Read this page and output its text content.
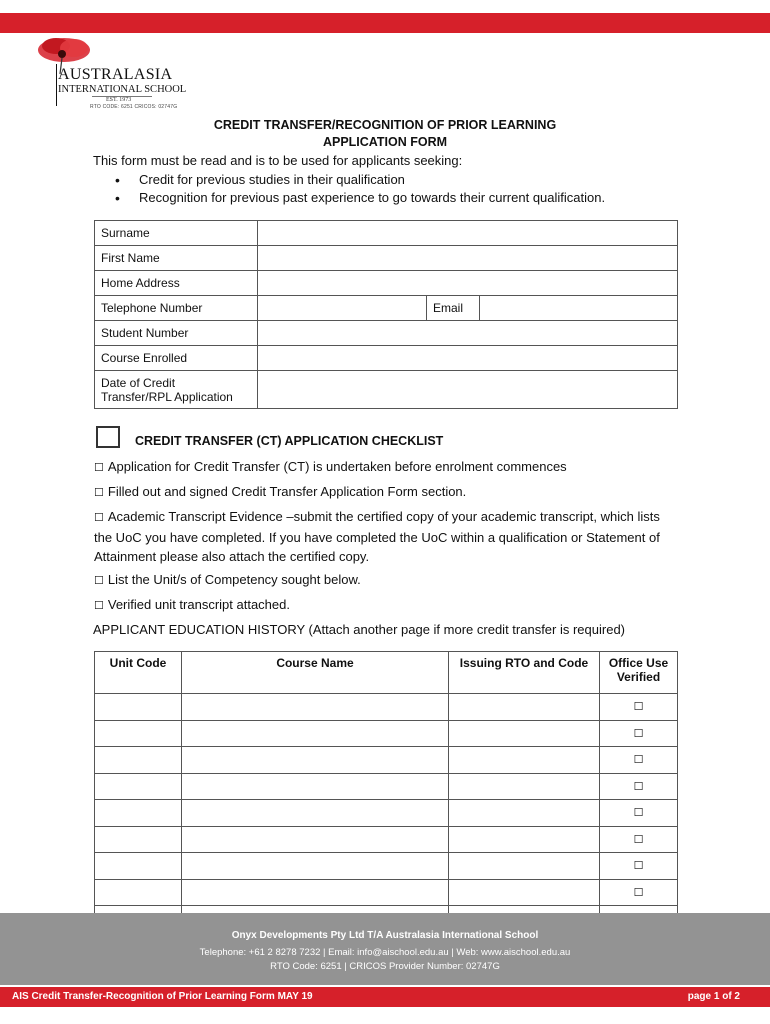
AUSTRALASIA
INTERNATIONAL SCHOOL
EST. 1973
RTO CODE: 6251 CRICOS: 02747G
CREDIT TRANSFER/RECOGNITION OF PRIOR LEARNING
APPLICATION FORM
This form must be read and is to be used for applicants seeking:
• Credit for previous studies in their qualification
• Recognition for previous past experience to go towards their current qualification.
Surname			
First Name			
Home Address			
Telephone Number		Email	
Student Number			
Course Enrolled			

Date of Credit
Transfer/RPL Application			

CREDIT TRANSFER (CT) APPLICATION CHECKLIST
☐ Application for Credit Transfer (CT) is undertaken before enrolment commences
☐ Filled out and signed Credit Transfer Application Form section.
☐ Academic Transcript Evidence –submit the certified copy of your academic transcript, which lists the UoC you have completed. If you have completed the UoC within a qualification or Statement of Attainment please also attach the certified copy.
☐ List the Unit/s of Competency sought below.
☐ Verified unit transcript attached.
APPLICANT EDUCATION HISTORY (Attach another page if more credit transfer is required)
Unit Code	Course Name	Issuing RTO and Code	Office Use Verified
			☐
			☐
			☐
			☐
			☐
			☐
			☐
			☐

Onyx Developments Pty Ltd T/A Australasia International School
Telephone: +61 2 8278 7232 | Email: info@aischool.edu.au | Web: www.aischool.edu.au
RTO Code: 6251 | CRICOS Provider Number: 02747G
AIS Credit Transfer-Recognition of Prior Learning Form MAY 19	page 1 of 2
